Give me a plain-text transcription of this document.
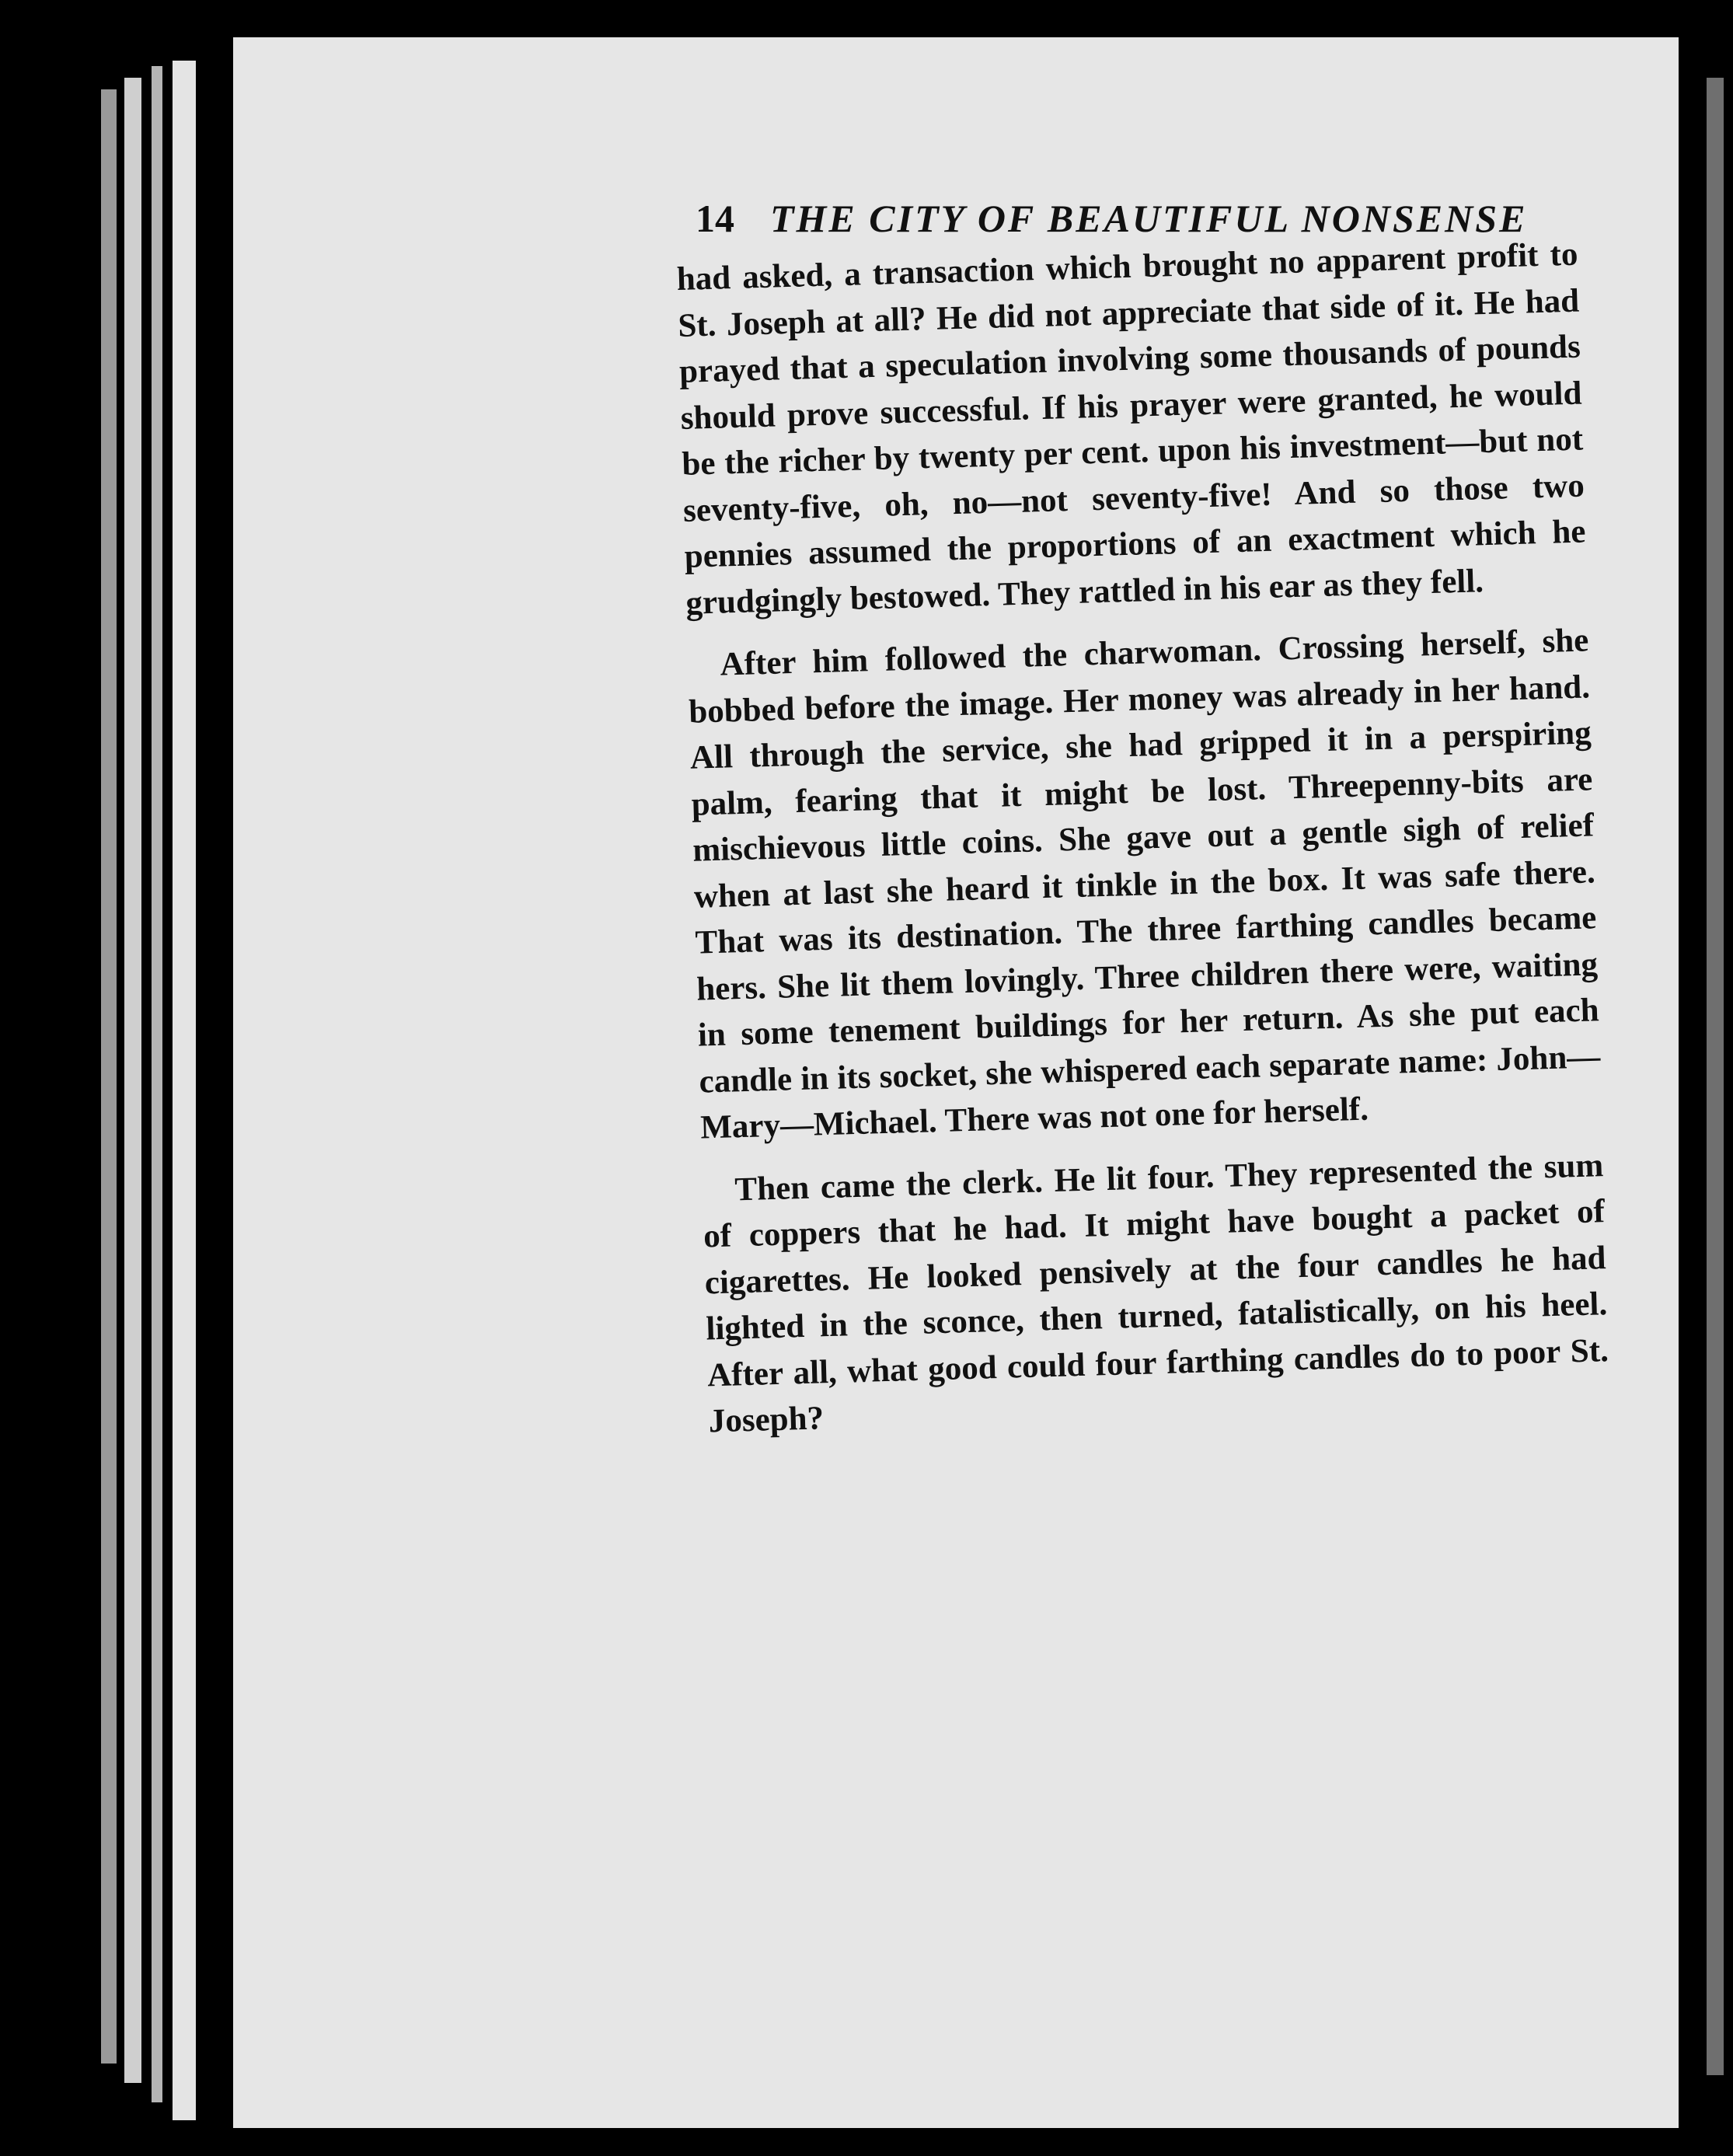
14 THE CITY OF BEAUTIFUL NONSENSE

had asked, a transaction which brought no apparent profit to St. Joseph at all? He did not appreciate that side of it. He had prayed that a speculation involving some thousands of pounds should prove successful. If his prayer were granted, he would be the richer by twenty per cent. upon his investment—but not seventy-five, oh, no—not seventy-five! And so those two pennies assumed the proportions of an exactment which he grudgingly bestowed. They rattled in his ear as they fell.

After him followed the charwoman. Crossing herself, she bobbed before the image. Her money was already in her hand. All through the service, she had gripped it in a perspiring palm, fearing that it might be lost. Threepenny-bits are mischievous little coins. She gave out a gentle sigh of relief when at last she heard it tinkle in the box. It was safe there. That was its destination. The three farthing candles became hers. She lit them lovingly. Three children there were, waiting in some tenement buildings for her return. As she put each candle in its socket, she whispered each separate name: John—Mary—Michael. There was not one for herself.

Then came the clerk. He lit four. They represented the sum of coppers that he had. It might have bought a packet of cigarettes. He looked pensively at the four candles he had lighted in the sconce, then turned, fatalistically, on his heel. After all, what good could four farthing candles do to poor St. Joseph?
